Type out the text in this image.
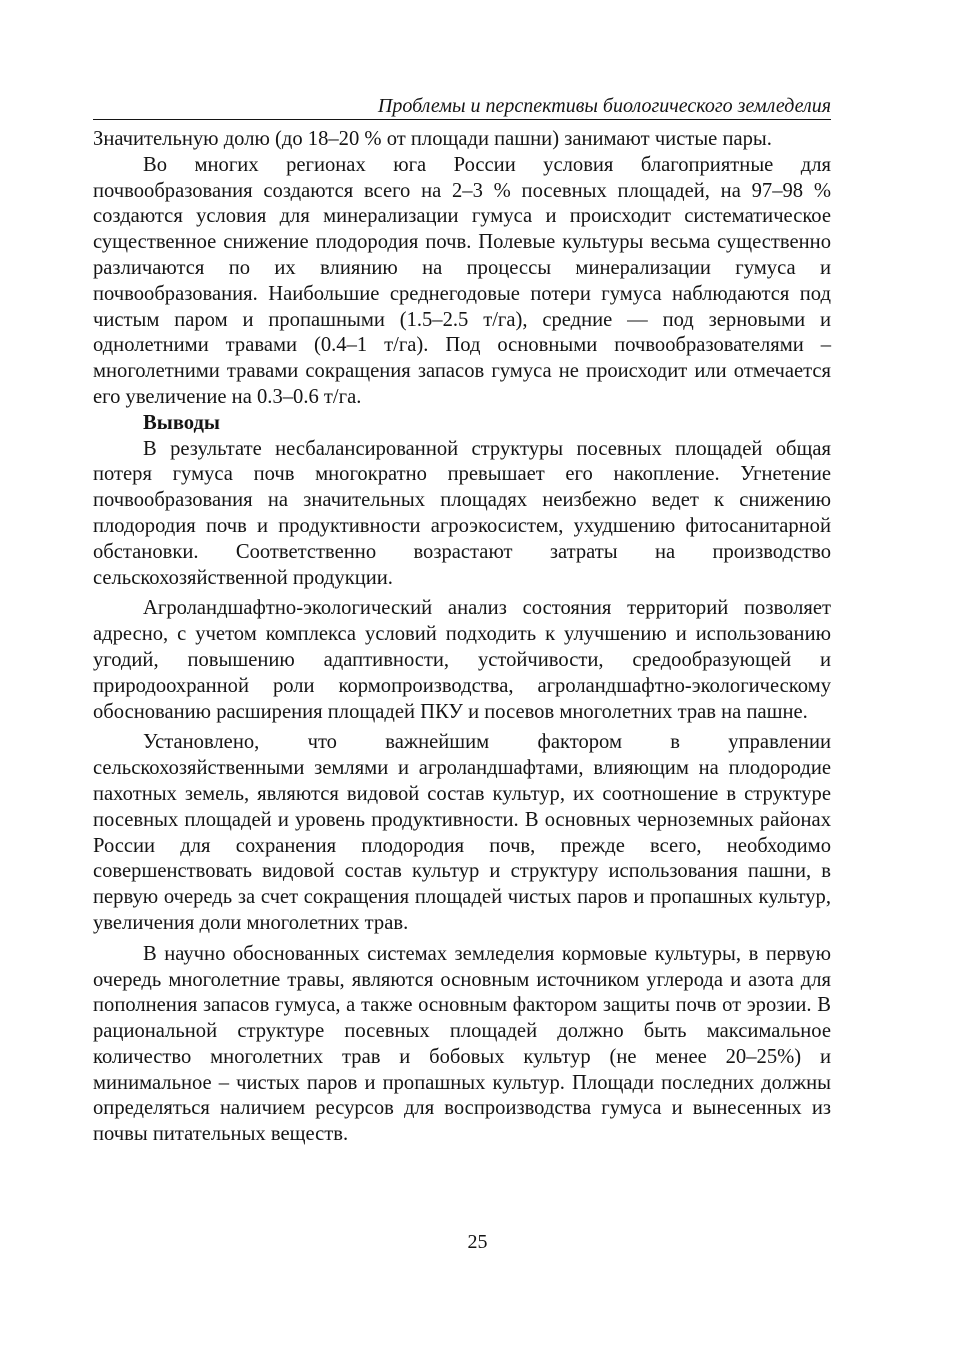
Проблемы и перспективы биологического земледелия

Значительную долю (до 18–20 % от площади пашни) занимают чистые пары.

Во многих регионах юга России условия благоприятные для почвообразования создаются всего на 2–3 % посевных площадей, на 97–98 % создаются условия для минерализации гумуса и происходит систематическое существенное снижение плодородия почв. Полевые культуры весьма существенно различаются по их влиянию на процессы минерализации гумуса и почвообразования. Наибольшие среднегодовые потери гумуса наблюдаются под чистым паром и пропашными (1.5–2.5 т/га), средние — под зерновыми и однолетними травами (0.4–1 т/га). Под основными почвообразователями – многолетними травами сокращения запасов гумуса не происходит или отмечается его увеличение на 0.3–0.6 т/га.

Выводы

В результате несбалансированной структуры посевных площадей общая потеря гумуса почв многократно превышает его накопление. Угнетение почвообразования на значительных площадях неизбежно ведет к снижению плодородия почв и продуктивности агроэкосистем, ухудшению фитосанитарной обстановки. Соответственно возрастают затраты на производство сельскохозяйственной продукции.

Агроландшафтно-экологический анализ состояния территорий позволяет адресно, с учетом комплекса условий подходить к улучшению и использованию угодий, повышению адаптивности, устойчивости, средообразующей и природоохранной роли кормопроизводства, агроландшафтно-экологическому обоснованию расширения площадей ПКУ и посевов многолетних трав на пашне.

Установлено, что важнейшим фактором в управлении сельскохозяйственными землями и агроландшафтами, влияющим на плодородие пахотных земель, являются видовой состав культур, их соотношение в структуре посевных площадей и уровень продуктивности. В основных черноземных районах России для сохранения плодородия почв, прежде всего, необходимо совершенствовать видовой состав культур и структуру использования пашни, в первую очередь за счет сокращения площадей чистых паров и пропашных культур, увеличения доли многолетних трав.

В научно обоснованных системах земледелия кормовые культуры, в первую очередь многолетние травы, являются основным источником углерода и азота для пополнения запасов гумуса, а также основным фактором защиты почв от эрозии. В рациональной структуре посевных площадей должно быть максимальное количество многолетних трав и бобовых культур (не менее 20–25%) и минимальное – чистых паров и пропашных культур. Площади последних должны определяться наличием ресурсов для воспроизводства гумуса и вынесенных из почвы питательных веществ.

25
